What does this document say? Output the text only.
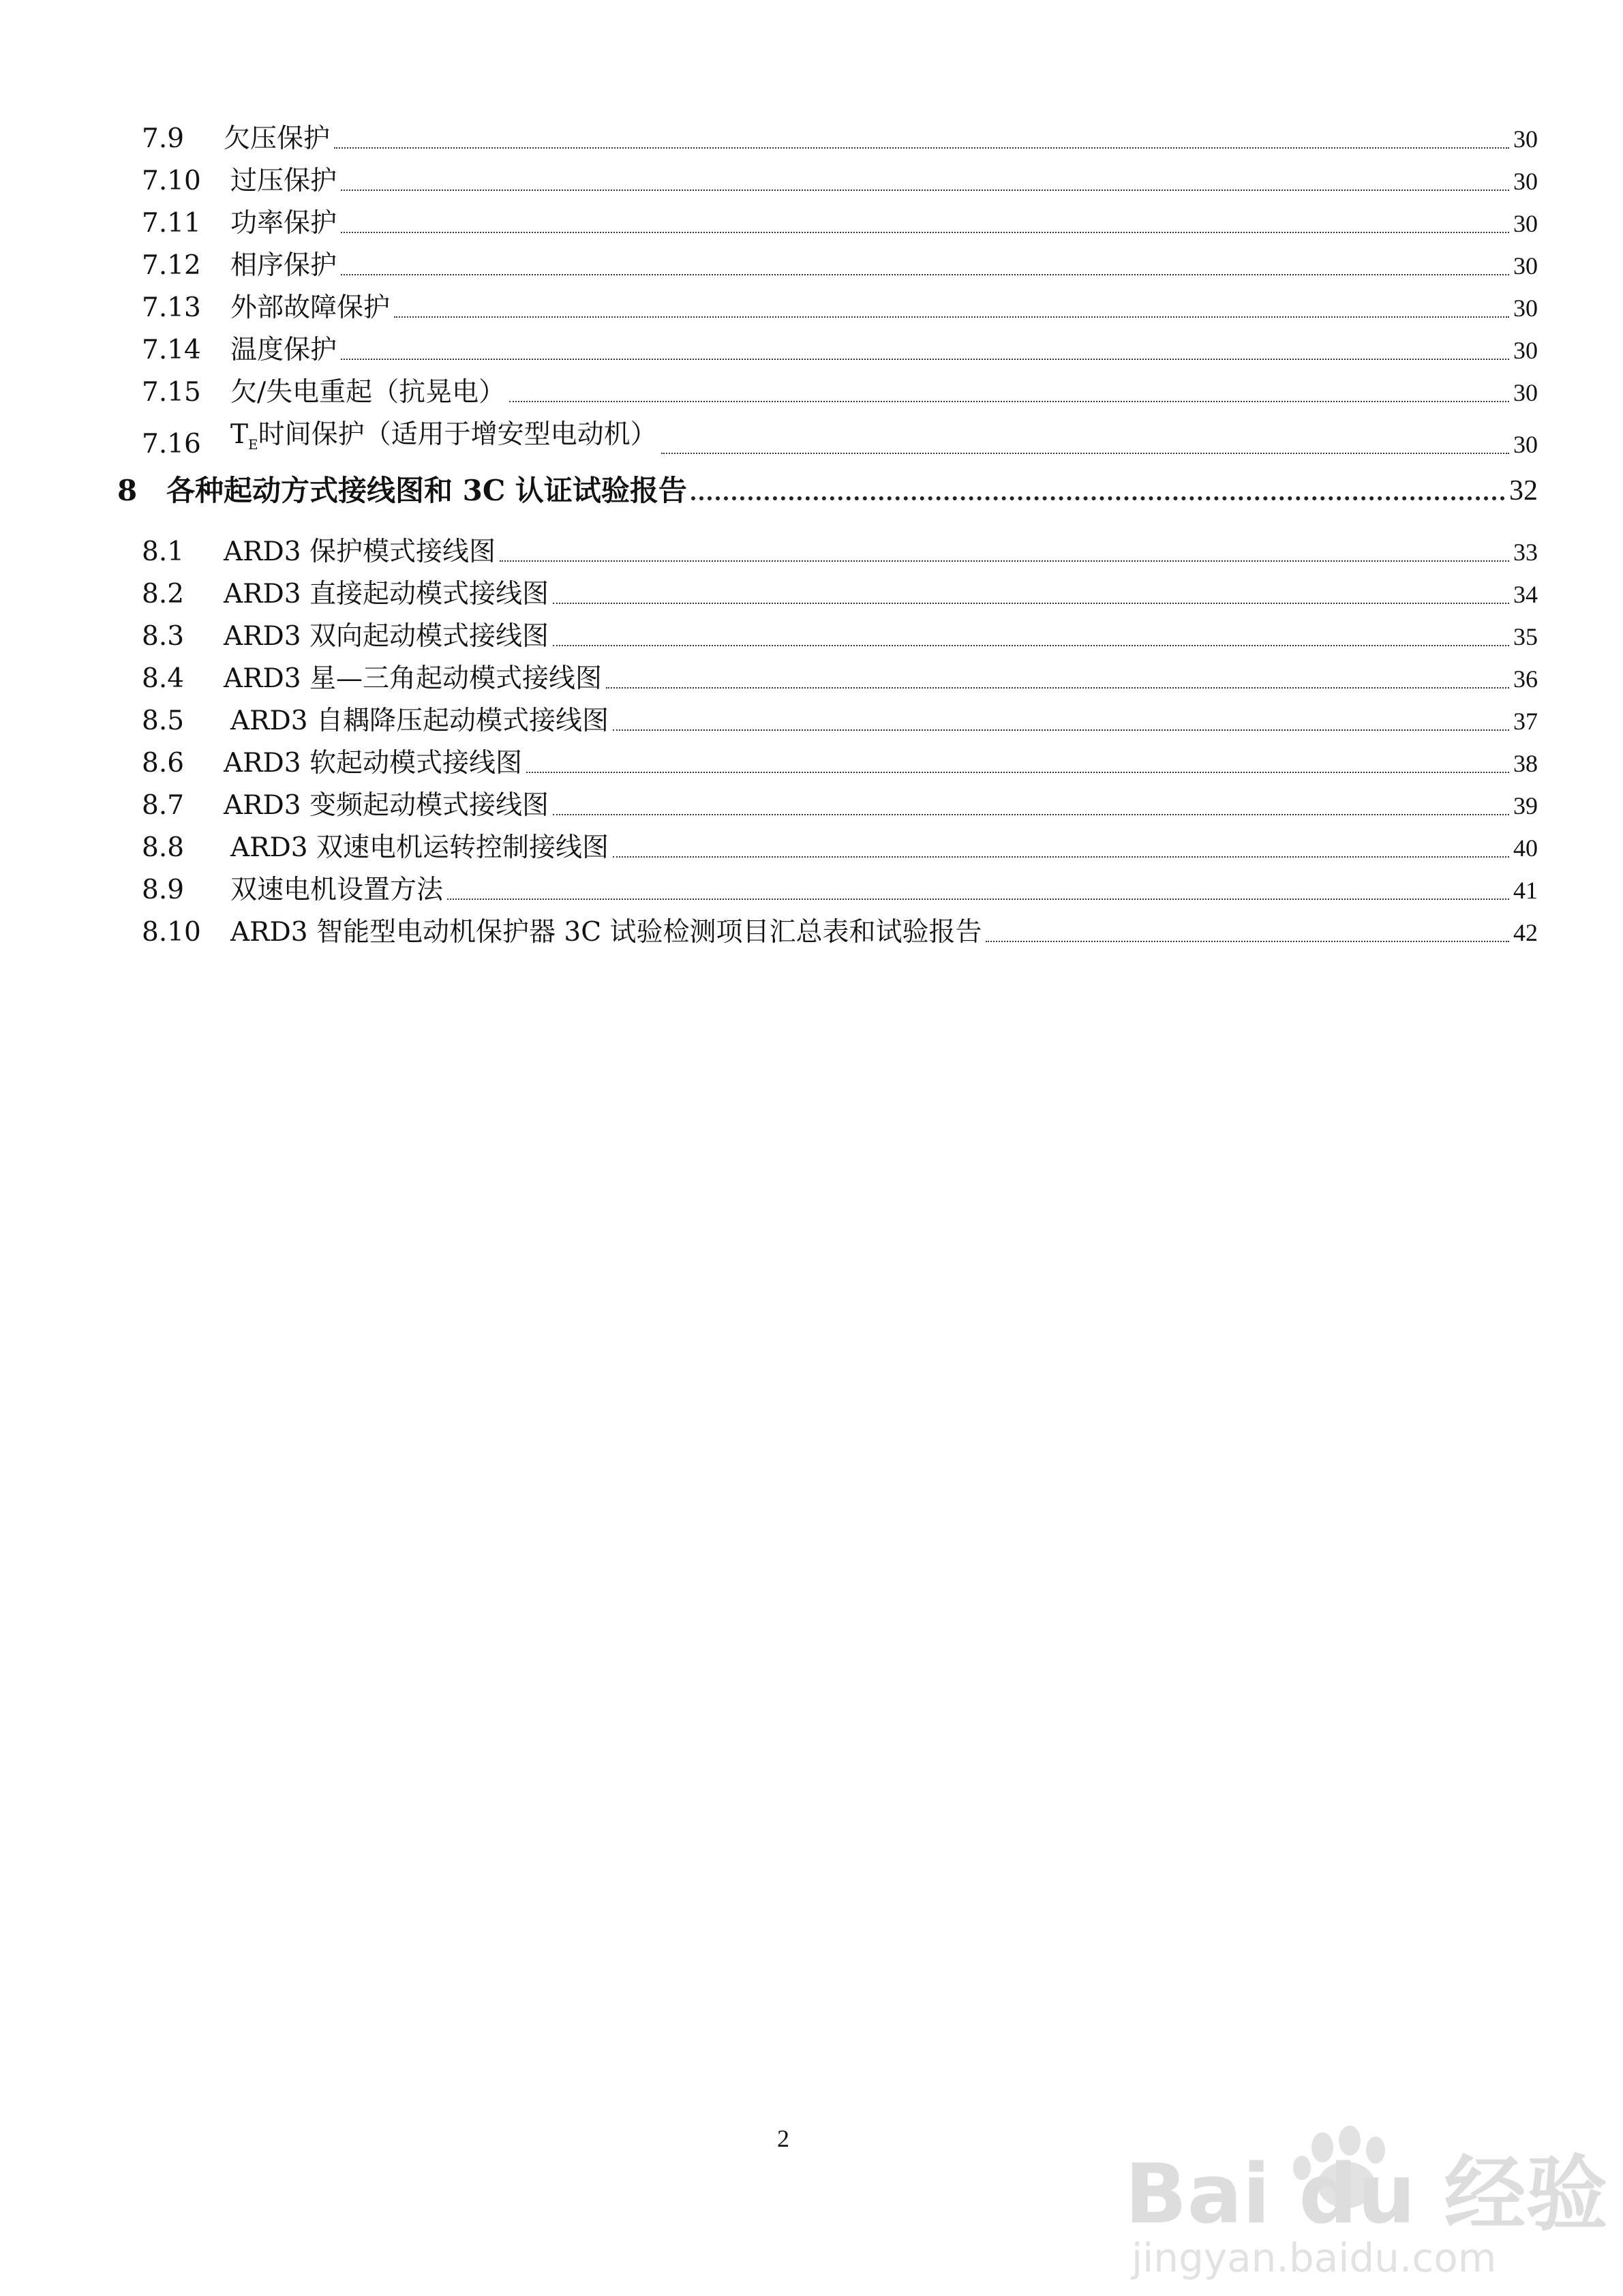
7.9	欠压保护	30
7.10	过压保护	30
7.11	功率保护	30
7.12	相序保护	30
7.13	外部故障保护	30
7.14	温度保护	30
7.15	欠/失电重起（抗晃电）	30
7.16	$T_E$时间保护（适用于增安型电动机）	30
8	各种起动方式接线图和 3C 认证试验报告	32
8.1	ARD3 保护模式接线图	33
8.2	ARD3 直接起动模式接线图	34
8.3	ARD3 双向起动模式接线图	35
8.4	ARD3 星—三角起动模式接线图	36
8.5	ARD3 自耦降压起动模式接线图	37
8.6	ARD3 软起动模式接线图	38
8.7	ARD3 变频起动模式接线图	39
8.8	ARD3 双速电机运转控制接线图	40
8.9	双速电机设置方法	41
8.10	ARD3 智能型电动机保护器 3C 试验检测项目汇总表和试验报告	42
2
Bai du 经验
jingyan.baidu.com
